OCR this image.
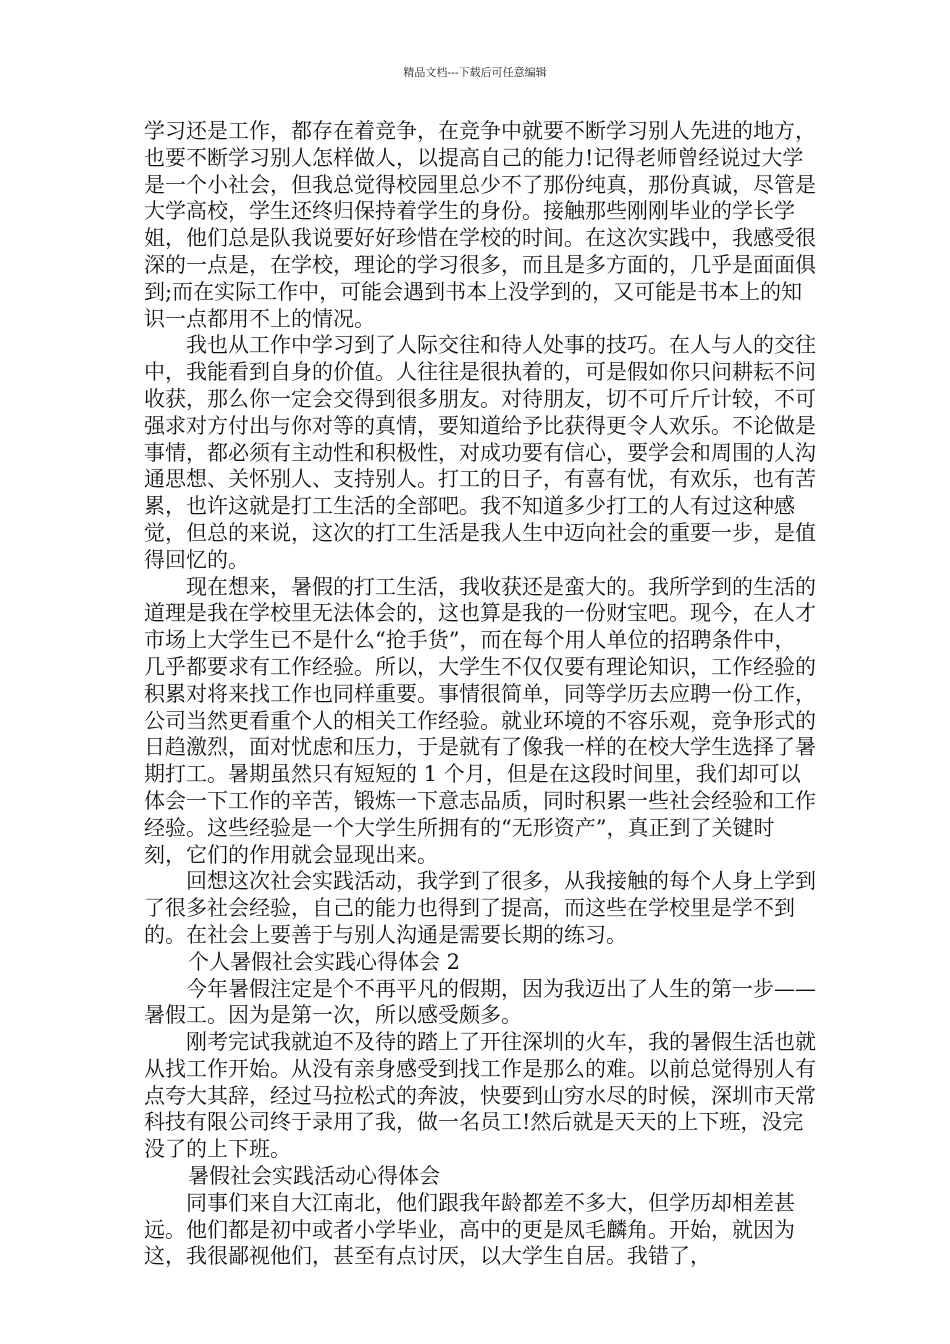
精品文档---下载后可任意编辑

学习还是工作，都存在着竞争，在竞争中就要不断学习别人先进的地方，也要不断学习别人怎样做人，以提高自己的能力!记得老师曾经说过大学是一个小社会，但我总觉得校园里总少不了那份纯真，那份真诚，尽管是大学高校，学生还终归保持着学生的身份。接触那些刚刚毕业的学长学姐，他们总是队我说要好好珍惜在学校的时间。在这次实践中，我感受很深的一点是，在学校，理论的学习很多，而且是多方面的，几乎是面面俱到;而在实际工作中，可能会遇到书本上没学到的，又可能是书本上的知识一点都用不上的情况。

我也从工作中学习到了人际交往和待人处事的技巧。在人与人的交往中，我能看到自身的价值。人往往是很执着的，可是假如你只问耕耘不问收获，那么你一定会交得到很多朋友。对待朋友，切不可斤斤计较，不可强求对方付出与你对等的真情，要知道给予比获得更令人欢乐。不论做是事情，都必须有主动性和积极性，对成功要有信心，要学会和周围的人沟通思想、关怀别人、支持别人。打工的日子，有喜有忧，有欢乐，也有苦累，也许这就是打工生活的全部吧。我不知道多少打工的人有过这种感觉，但总的来说，这次的打工生活是我人生中迈向社会的重要一步，是值得回忆的。

现在想来，暑假的打工生活，我收获还是蛮大的。我所学到的生活的道理是我在学校里无法体会的，这也算是我的一份财宝吧。现今，在人才市场上大学生已不是什么“抢手货”，而在每个用人单位的招聘条件中，几乎都要求有工作经验。所以，大学生不仅仅要有理论知识，工作经验的积累对将来找工作也同样重要。事情很简单，同等学历去应聘一份工作，公司当然更看重个人的相关工作经验。就业环境的不容乐观，竞争形式的日趋激烈，面对忧虑和压力，于是就有了像我一样的在校大学生选择了暑期打工。暑期虽然只有短短的 1 个月，但是在这段时间里，我们却可以体会一下工作的辛苦，锻炼一下意志品质，同时积累一些社会经验和工作经验。这些经验是一个大学生所拥有的“无形资产”，真正到了关键时刻，它们的作用就会显现出来。

回想这次社会实践活动，我学到了很多，从我接触的每个人身上学到了很多社会经验，自己的能力也得到了提高，而这些在学校里是学不到的。在社会上要善于与别人沟通是需要长期的练习。

个人暑假社会实践心得体会 2

今年暑假注定是个不再平凡的假期，因为我迈出了人生的第一步——暑假工。因为是第一次，所以感受颇多。

刚考完试我就迫不及待的踏上了开往深圳的火车，我的暑假生活也就从找工作开始。从没有亲身感受到找工作是那么的难。以前总觉得别人有点夸大其辞，经过马拉松式的奔波，快要到山穷水尽的时候，深圳市天常科技有限公司终于录用了我，做一名员工!然后就是天天的上下班，没完没了的上下班。

暑假社会实践活动心得体会

同事们来自大江南北，他们跟我年龄都差不多大，但学历却相差甚远。他们都是初中或者小学毕业，高中的更是凤毛麟角。开始，就因为这，我很鄙视他们，甚至有点讨厌，以大学生自居。我错了，
